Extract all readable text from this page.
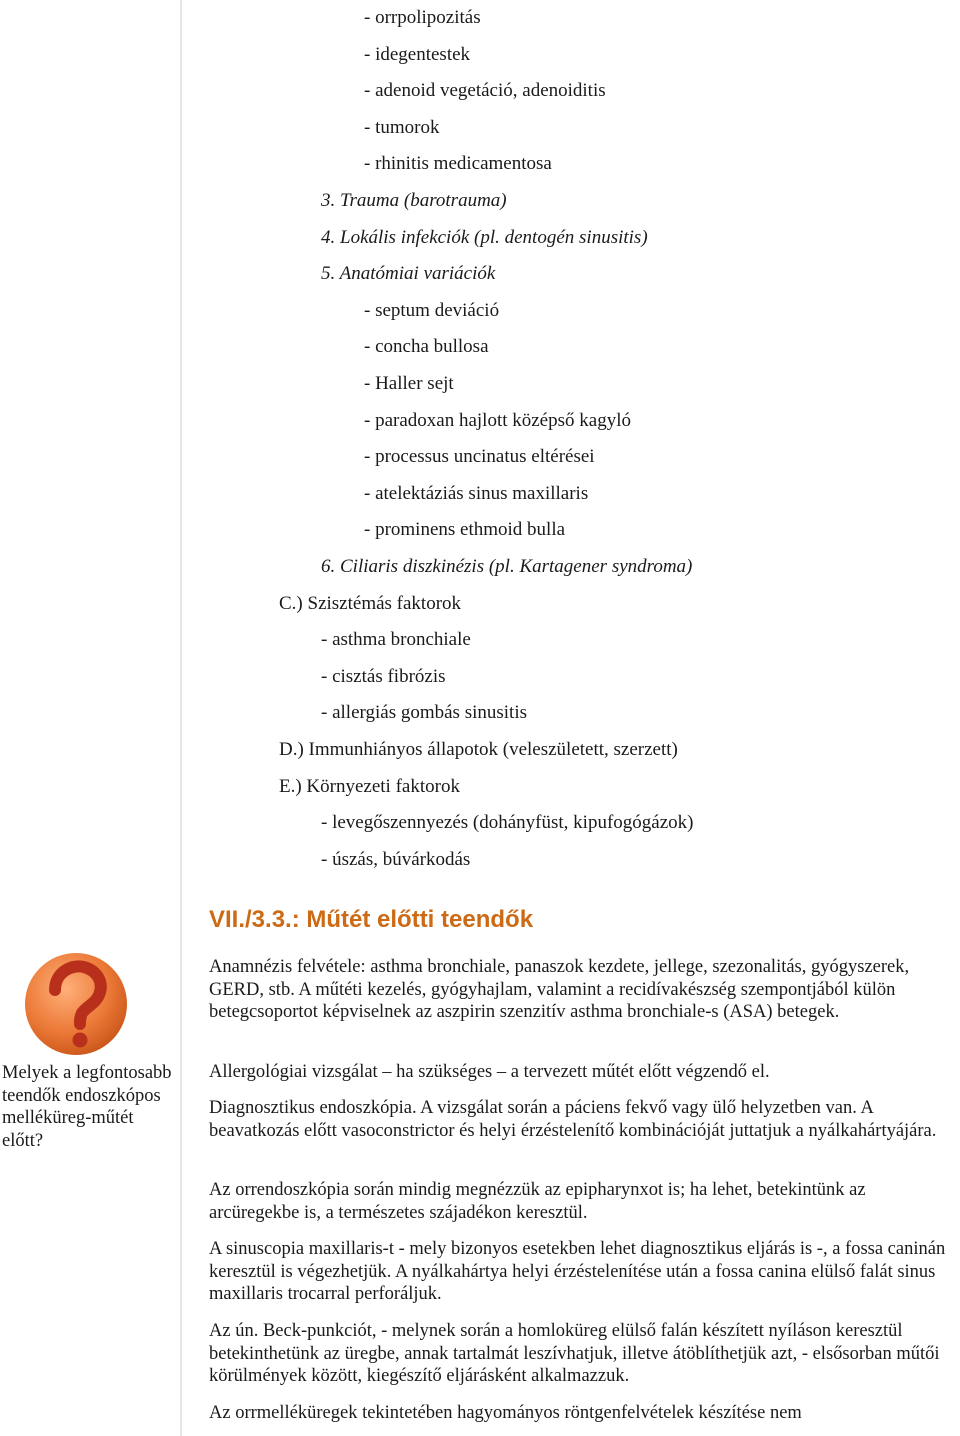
- orrpolipozitás
- idegentestek
- adenoid vegetáció, adenoiditis
- tumorok
- rhinitis medicamentosa
3. Trauma (barotrauma)
4. Lokális infekciók (pl. dentogén sinusitis)
5. Anatómiai variációk
- septum deviáció
- concha bullosa
- Haller sejt
- paradoxan hajlott középső kagyló
- processus uncinatus eltérései
- atelektáziás sinus maxillaris
- prominens ethmoid bulla
6. Ciliaris diszkinézis (pl. Kartagener syndroma)
C.) Szisztémás faktorok
- asthma bronchiale
- cisztás fibrózis
- allergiás gombás sinusitis
D.) Immunhiányos állapotok (veleszületett, szerzett)
E.) Környezeti faktorok
- levegőszennyezés (dohányfüst, kipufogógázok)
- úszás, búvárkodás
VII./3.3.: Műtét előtti teendők
Melyek a legfontosabb teendők endoszkópos melléküreg-műtét előtt?
Anamnézis felvétele: asthma bronchiale, panaszok kezdete, jellege, szezonalitás, gyógyszerek, GERD, stb. A műtéti kezelés, gyógyhajlam, valamint a recidívakészség szempontjából külön betegcsoportot képviselnek az aszpirin szenzitív asthma bronchiale-s (ASA) betegek.
Allergológiai vizsgálat – ha szükséges – a tervezett műtét előtt végzendő el.
Diagnosztikus endoszkópia. A vizsgálat során a páciens fekvő vagy ülő helyzetben van. A beavatkozás előtt vasoconstrictor és helyi érzéstelenítő kombinációját juttatjuk a nyálkahártyájára.
Az orrendoszkópia során mindig megnézzük az epipharynxot is; ha lehet, betekintünk az arcüregekbe is, a természetes szájadékon keresztül.
A sinuscopia maxillaris-t - mely bizonyos esetekben lehet diagnosztikus eljárás is -, a fossa caninán keresztül is végezhetjük. A nyálkahártya helyi érzéstelenítése után a fossa canina elülső falát sinus maxillaris trocarral perforáljuk.
Az ún. Beck-punkciót, - melynek során a homloküreg elülső falán készített nyíláson keresztül betekinthetünk az üregbe, annak tartalmát leszívhatjuk, illetve átöblíthetjük azt, - elsősorban műtői körülmények között, kiegészítő eljárásként alkalmazzuk.
Az orrmelléküregek tekintetében hagyományos röntgenfelvételek készítése nem
